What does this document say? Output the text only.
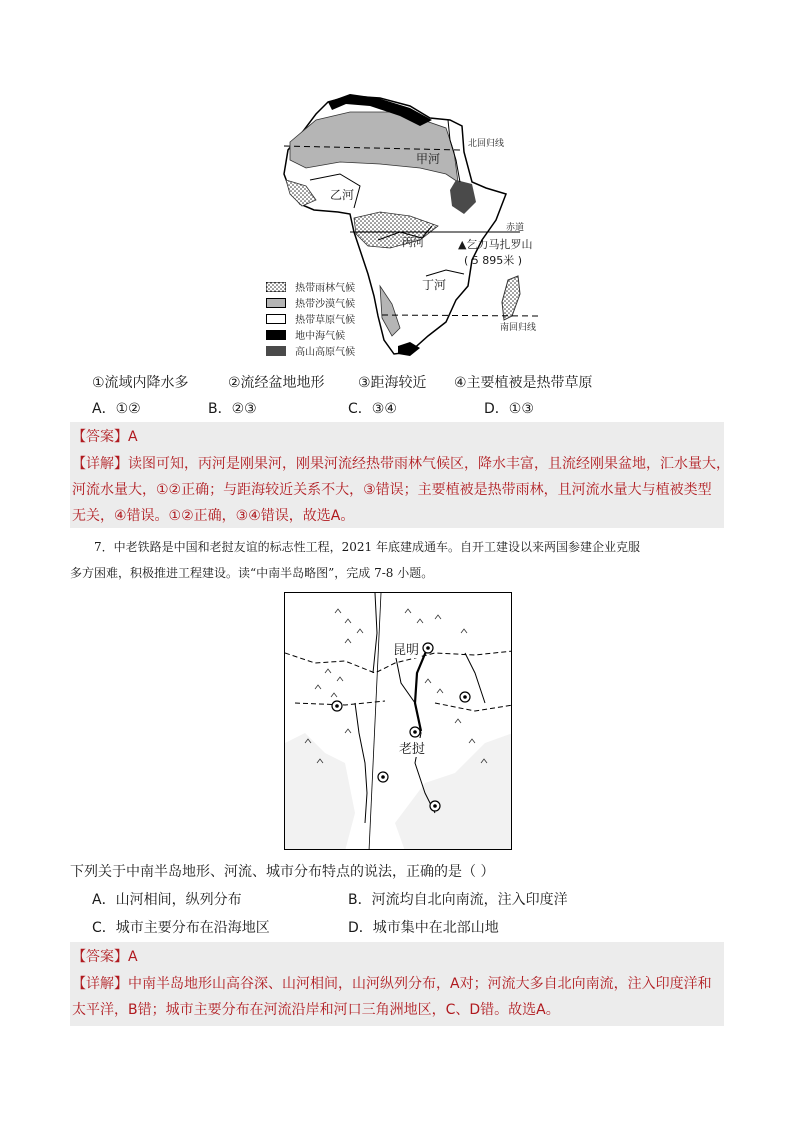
北回归线
甲河
乙河
赤道
丙河	▲乞力马扎罗山
( 5 895米 )
丁河
南回归线
热带雨林气候
热带沙漠气候
热带草原气候
地中海气候
高山高原气候
①流域内降水多	②流经盆地地形 ③距海较近 ④主要植被是热带草原
A．①②	B．②③	C．③④	D．①③
【答案】A
【详解】读图可知，丙河是刚果河，刚果河流经热带雨林气候区，降水丰富，且流经刚果盆地，汇水量大，
河流水量大，①②正确；与距海较近关系不大，③错误；主要植被是热带雨林，且河流水量大与植被类型
无关，④错误。①②正确，③④错误，故选A。
7．中老铁路是中国和老挝友谊的标志性工程，2021 年底建成通车。自开工建设以来两国参建企业克服
多方困难，积极推进工程建设。读“中南半岛略图”，完成 7-8 小题。
昆明
老挝
下列关于中南半岛地形、河流、城市分布特点的说法，正确的是（ ）
A．山河相间，纵列分布	B．河流均自北向南流，注入印度洋
C．城市主要分布在沿海地区	D．城市集中在北部山地
【答案】A
【详解】中南半岛地形山高谷深、山河相间，山河纵列分布，A对；河流大多自北向南流，注入印度洋和
太平洋，B错；城市主要分布在河流沿岸和河口三角洲地区，C、D错。故选A。
